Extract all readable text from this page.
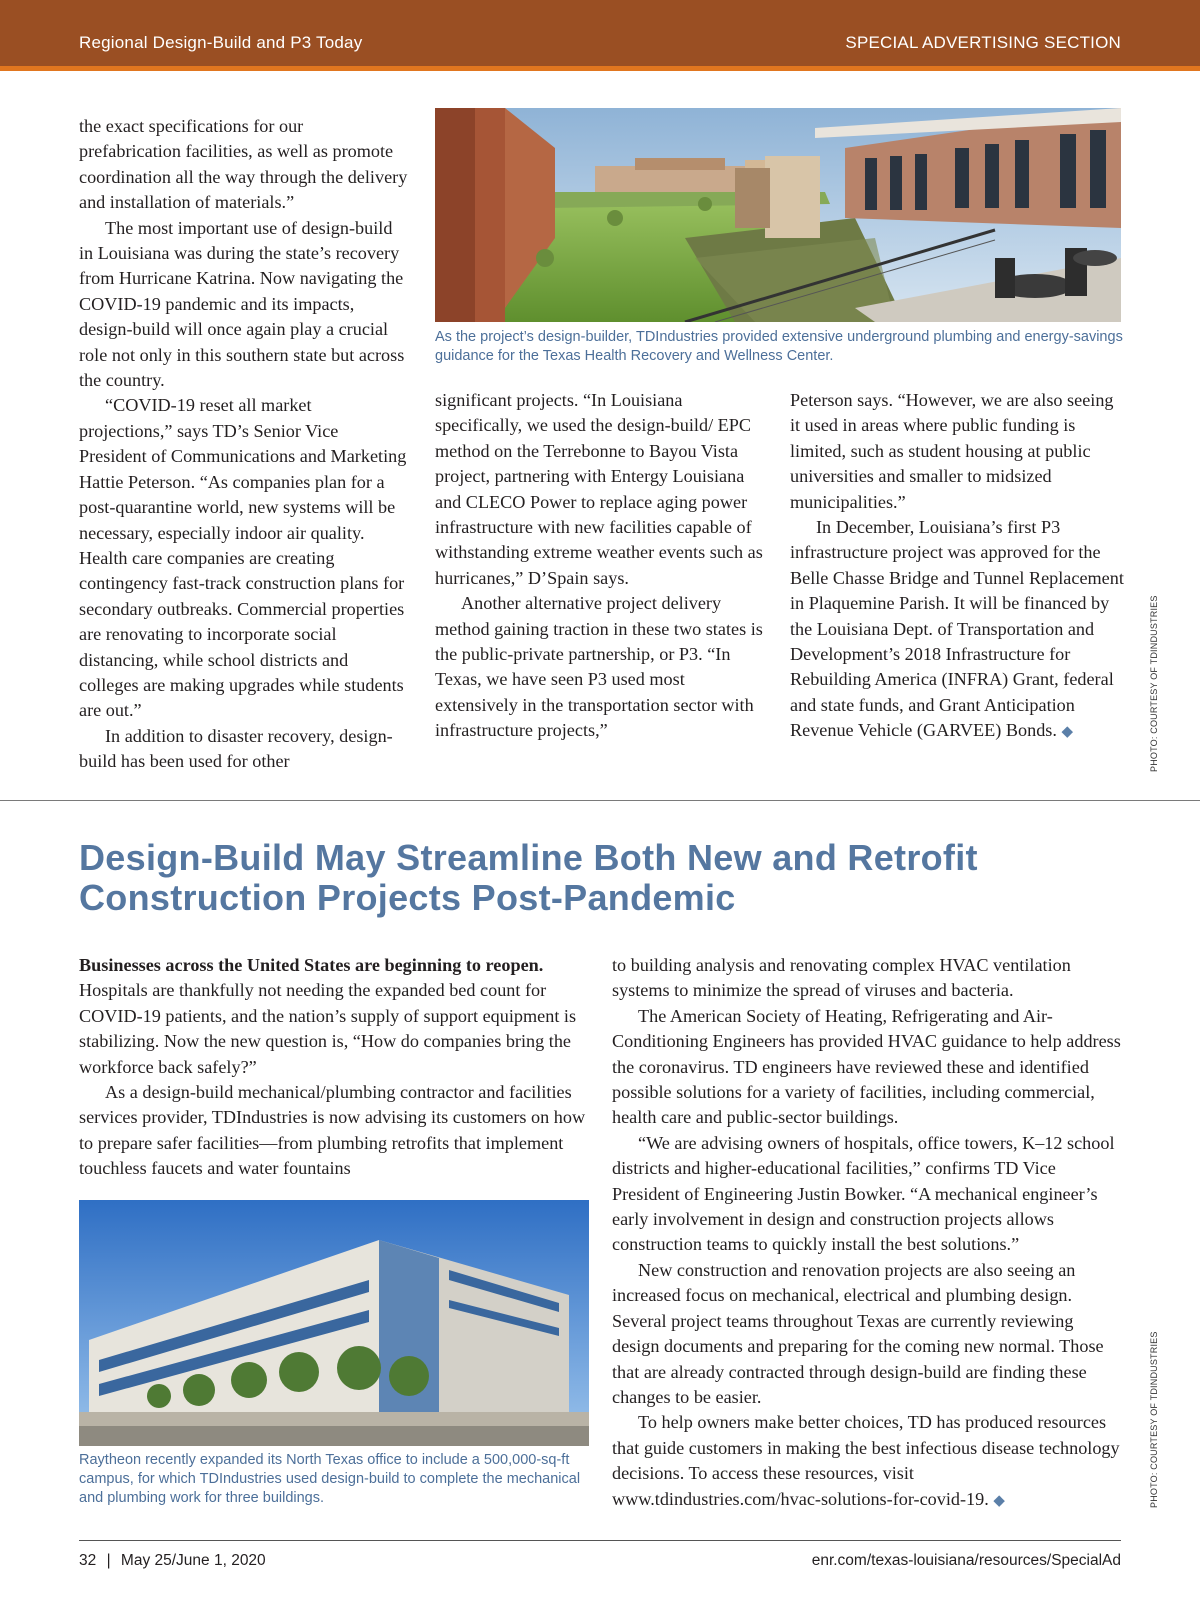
Regional Design-Build and P3 Today	SPECIAL ADVERTISING SECTION

the exact specifications for our prefabrication facilities, as well as promote coordination all the way through the delivery and installation of materials.”

The most important use of design-build in Louisiana was during the state’s recovery from Hurricane Katrina. Now navigating the COVID-19 pandemic and its impacts, design-build will once again play a crucial role not only in this southern state but across the country.

“COVID-19 reset all market projections,” says TD’s Senior Vice President of Communications and Marketing Hattie Peterson. “As companies plan for a post-quarantine world, new systems will be necessary, especially indoor air quality. Health care companies are creating contingency fast-track construction plans for secondary outbreaks. Commercial properties are renovating to incorporate social distancing, while school districts and colleges are making upgrades while students are out.”

In addition to disaster recovery, design-build has been used for other

As the project’s design-builder, TDIndustries provided extensive underground plumbing and energy-savings guidance for the Texas Health Recovery and Wellness Center.

significant projects. “In Louisiana specifically, we used the design-build/ EPC method on the Terrebonne to Bayou Vista project, partnering with Entergy Louisiana and CLECO Power to replace aging power infrastructure with new facilities capable of withstanding extreme weather events such as hurricanes,” D’Spain says.

Another alternative project delivery method gaining traction in these two states is the public-private partnership, or P3. “In Texas, we have seen P3 used most extensively in the transportation sector with infrastructure projects,”

Peterson says. “However, we are also seeing it used in areas where public funding is limited, such as student housing at public universities and smaller to midsized municipalities.”

In December, Louisiana’s first P3 infrastructure project was approved for the Belle Chasse Bridge and Tunnel Replacement in Plaquemine Parish. It will be financed by the Louisiana Dept. of Transportation and Development’s 2018 Infrastructure for Rebuilding America (INFRA) Grant, federal and state funds, and Grant Anticipation Revenue Vehicle (GARVEE) Bonds. ◆	PHOTO: COURTESY OF TDINDUSTRIES
Design-Build May Streamline Both New and Retrofit Construction Projects Post-Pandemic

Businesses across the United States are beginning to reopen. Hospitals are thankfully not needing the expanded bed count for COVID-19 patients, and the nation’s supply of support equipment is stabilizing. Now the new question is, “How do companies bring the workforce back safely?”

As a design-build mechanical/plumbing contractor and facilities services provider, TDIndustries is now advising its customers on how to prepare safer facilities—from plumbing retrofits that implement touchless faucets and water fountains

Raytheon recently expanded its North Texas office to include a 500,000-sq-ft campus, for which TDIndustries used design-build to complete the mechanical and plumbing work for three buildings.

to building analysis and renovating complex HVAC ventilation systems to minimize the spread of viruses and bacteria.

The American Society of Heating, Refrigerating and Air-Conditioning Engineers has provided HVAC guidance to help address the coronavirus. TD engineers have reviewed these and identified possible solutions for a variety of facilities, including commercial, health care and public-sector buildings.

“We are advising owners of hospitals, office towers, K–12 school districts and higher-educational facilities,” confirms TD Vice President of Engineering Justin Bowker. “A mechanical engineer’s early involvement in design and construction projects allows construction teams to quickly install the best solutions.”

New construction and renovation projects are also seeing an increased focus on mechanical, electrical and plumbing design. Several project teams throughout Texas are currently reviewing design documents and preparing for the coming new normal. Those that are already contracted through design-build are finding these changes to be easier.

To help owners make better choices, TD has produced resources that guide customers in making the best infectious disease technology decisions. To access these resources, visit www.tdindustries.com/hvac-solutions-for-covid-19. ◆	PHOTO: COURTESY OF TDINDUSTRIES
32 | May 25/June 1, 2020	enr.com/texas-louisiana/resources/SpecialAd
